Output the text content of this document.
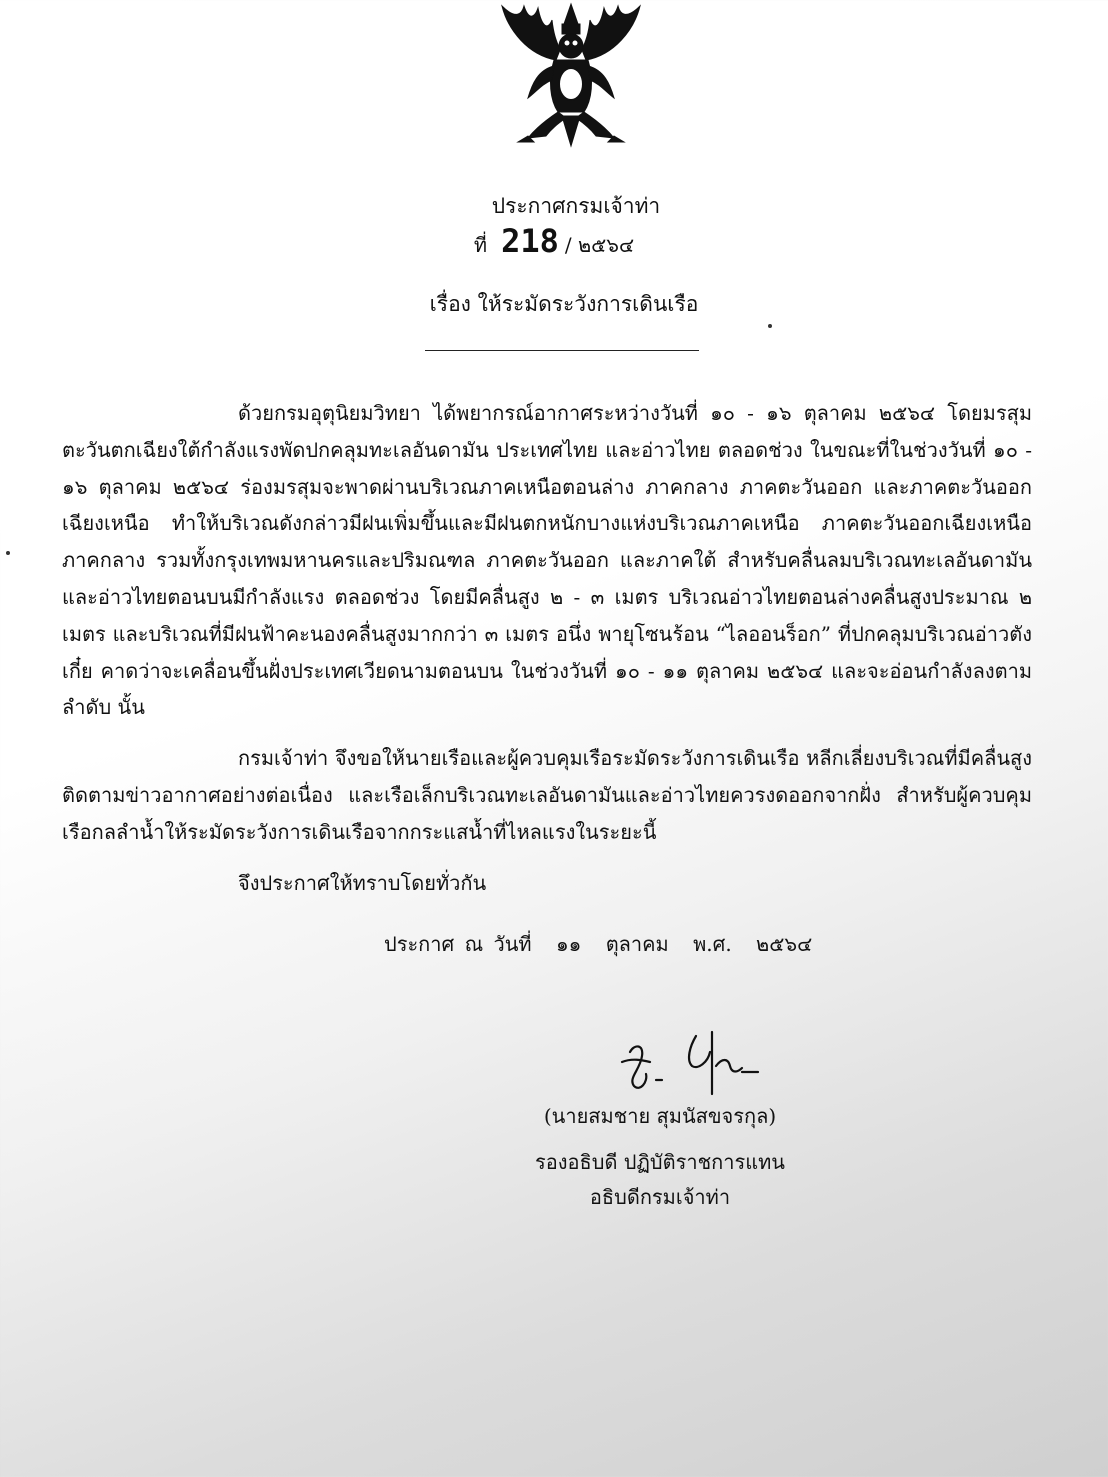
ประกาศกรมเจ้าท่า
ที่ 218 / ๒๕๖๔
เรื่อง ให้ระมัดระวังการเดินเรือ

ด้วยกรมอุตุนิยมวิทยา ได้พยากรณ์อากาศระหว่างวันที่ ๑๐ - ๑๖ ตุลาคม ๒๕๖๔ โดยมรสุมตะวันตกเฉียงใต้กำลังแรงพัดปกคลุมทะเลอันดามัน ประเทศไทย และอ่าวไทย ตลอดช่วง ในขณะที่ในช่วงวันที่ ๑๐ - ๑๖ ตุลาคม ๒๕๖๔ ร่องมรสุมจะพาดผ่านบริเวณภาคเหนือตอนล่าง ภาคกลาง ภาคตะวันออก และภาคตะวันออกเฉียงเหนือ ทำให้บริเวณดังกล่าวมีฝนเพิ่มขึ้นและมีฝนตกหนักบางแห่งบริเวณภาคเหนือ ภาคตะวันออกเฉียงเหนือ ภาคกลาง รวมทั้งกรุงเทพมหานครและปริมณฑล ภาคตะวันออก และภาคใต้ สำหรับคลื่นลมบริเวณทะเลอันดามันและอ่าวไทยตอนบนมีกำลังแรง ตลอดช่วง โดยมีคลื่นสูง ๒ - ๓ เมตร บริเวณอ่าวไทยตอนล่างคลื่นสูงประมาณ ๒ เมตร และบริเวณที่มีฝนฟ้าคะนองคลื่นสูงมากกว่า ๓ เมตร อนึ่ง พายุโซนร้อน “ไลออนร็อก” ที่ปกคลุมบริเวณอ่าวตังเกี๋ย คาดว่าจะเคลื่อนขึ้นฝั่งประเทศเวียดนามตอนบน ในช่วงวันที่ ๑๐ - ๑๑ ตุลาคม ๒๕๖๔ และจะอ่อนกำลังลงตามลำดับ นั้น

กรมเจ้าท่า จึงขอให้นายเรือและผู้ควบคุมเรือระมัดระวังการเดินเรือ หลีกเลี่ยงบริเวณที่มีคลื่นสูง ติดตามข่าวอากาศอย่างต่อเนื่อง และเรือเล็กบริเวณทะเลอันดามันและอ่าวไทยควรงดออกจากฝั่ง สำหรับผู้ควบคุมเรือกลลำน้ำให้ระมัดระวังการเดินเรือจากกระแสน้ำที่ไหลแรงในระยะนี้

จึงประกาศให้ทราบโดยทั่วกัน

ประกาศ ณ วันที่ ๑๑ ตุลาคม พ.ศ. ๒๕๖๔
(นายสมชาย สุมนัสขจรกุล)
รองอธิบดี ปฏิบัติราชการแทน
อธิบดีกรมเจ้าท่า
